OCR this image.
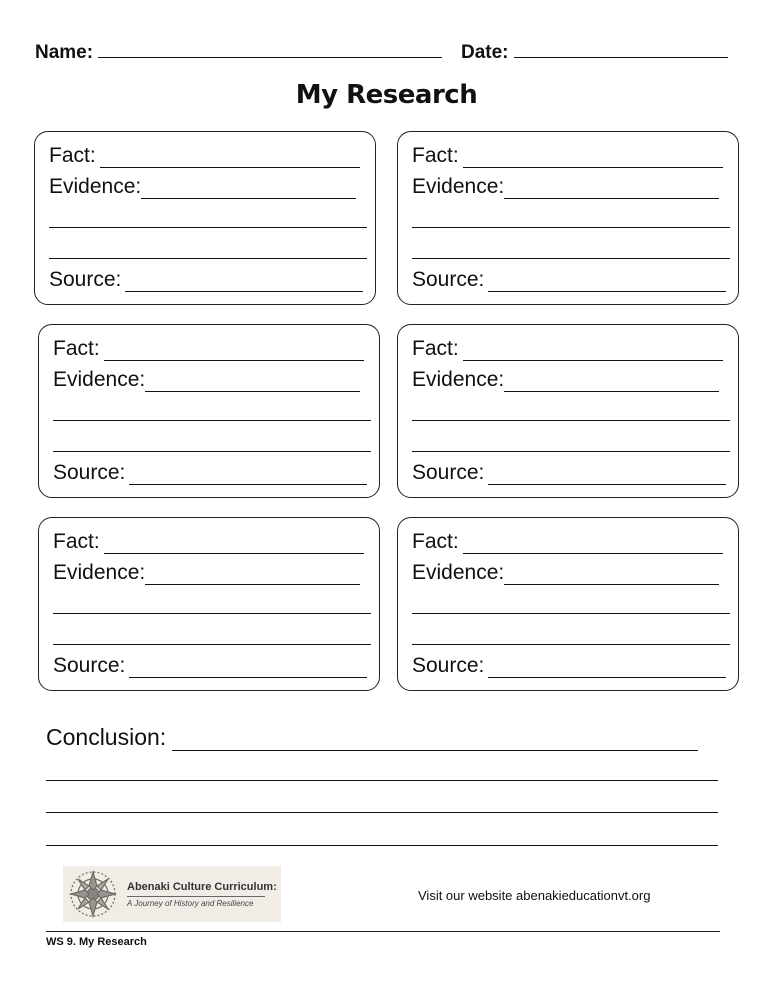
Name:	Date:
My Research
Fact:
Evidence:
Source:
Fact:
Evidence:
Source:
Fact:
Evidence:
Source:
Fact:
Evidence:
Source:
Fact:
Evidence:
Source:
Fact:
Evidence:
Source:
Conclusion:
Abenaki Culture Curriculum:
A Journey of History and Resilience	Visit our website abenakieducationvt.org
WS 9. My Research
